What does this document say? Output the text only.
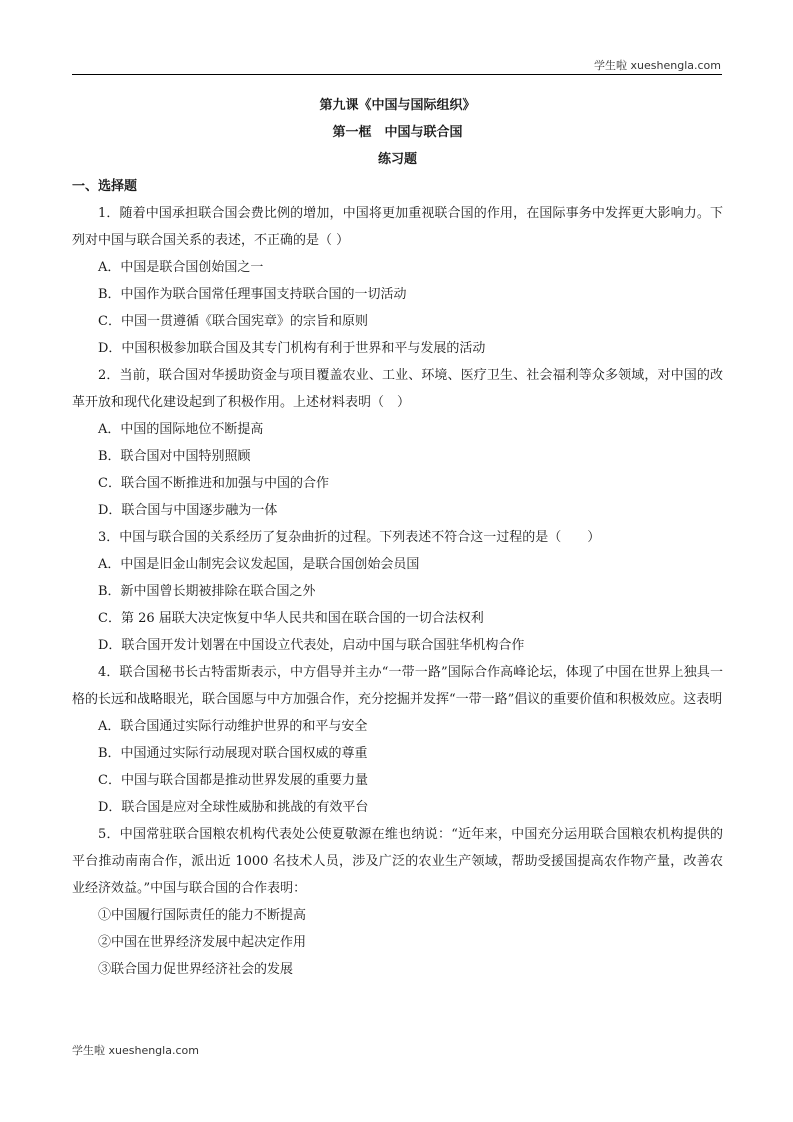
学生啦 xueshengla.com
第九课《中国与国际组织》
第一框　中国与联合国
练习题
一、选择题
1．随着中国承担联合国会费比例的增加，中国将更加重视联合国的作用，在国际事务中发挥更大影响力。下列对中国与联合国关系的表述，不正确的是（ ）
A．中国是联合国创始国之一
B．中国作为联合国常任理事国支持联合国的一切活动
C．中国一贯遵循《联合国宪章》的宗旨和原则
D．中国积极参加联合国及其专门机构有利于世界和平与发展的活动
2．当前，联合国对华援助资金与项目覆盖农业、工业、环境、医疗卫生、社会福利等众多领域，对中国的改革开放和现代化建设起到了积极作用。上述材料表明（　）
A．中国的国际地位不断提高
B．联合国对中国特别照顾
C．联合国不断推进和加强与中国的合作
D．联合国与中国逐步融为一体
3．中国与联合国的关系经历了复杂曲折的过程。下列表述不符合这一过程的是（　　）
A．中国是旧金山制宪会议发起国，是联合国创始会员国
B．新中国曾长期被排除在联合国之外
C．第 26 届联大决定恢复中华人民共和国在联合国的一切合法权利
D．联合国开发计划署在中国设立代表处，启动中国与联合国驻华机构合作
4．联合国秘书长古特雷斯表示，中方倡导并主办“一带一路”国际合作高峰论坛，体现了中国在世界上独具一格的长远和战略眼光，联合国愿与中方加强合作，充分挖掘并发挥“一带一路”倡议的重要价值和积极效应。这表明
A．联合国通过实际行动维护世界的和平与安全
B．中国通过实际行动展现对联合国权威的尊重
C．中国与联合国都是推动世界发展的重要力量
D．联合国是应对全球性威胁和挑战的有效平台
5．中国常驻联合国粮农机构代表处公使夏敬源在维也纳说：“近年来，中国充分运用联合国粮农机构提供的平台推动南南合作，派出近 1000 名技术人员，涉及广泛的农业生产领域，帮助受援国提高农作物产量，改善农业经济效益。”中国与联合国的合作表明：
①中国履行国际责任的能力不断提高
②中国在世界经济发展中起决定作用
③联合国力促世界经济社会的发展
学生啦 xueshengla.com
